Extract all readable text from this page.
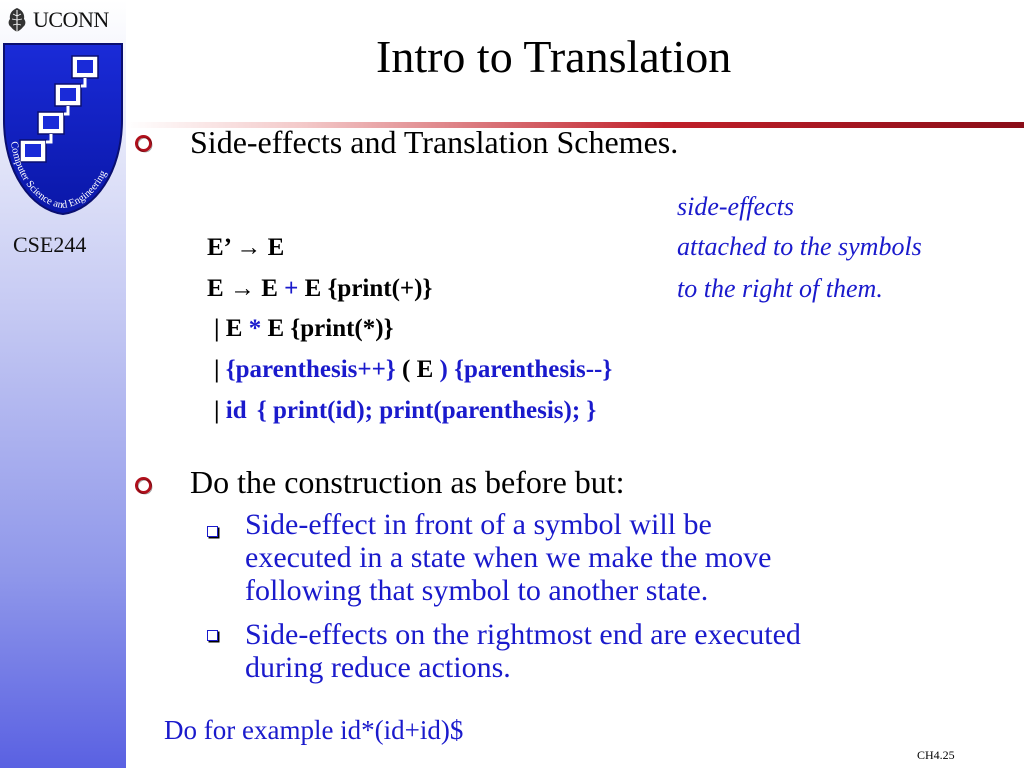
UCONN
Computer Science and Engineering
CSE244
Intro to Translation
Side-effects and Translation Schemes.
side-effects
attached to the symbols
to the right of them.
E’ → E
E → E + E {print(+)}
| E * E {print(*)}
| {parenthesis++} ( E ) {parenthesis--}
| id { print(id); print(parenthesis); }
Do the construction as before but:
Side-effect in front of a symbol will be
executed in a state when we make the move
following that symbol to another state.
Side-effects on the rightmost end are executed
during reduce actions.
Do for example id*(id+id)$
CH4.25
